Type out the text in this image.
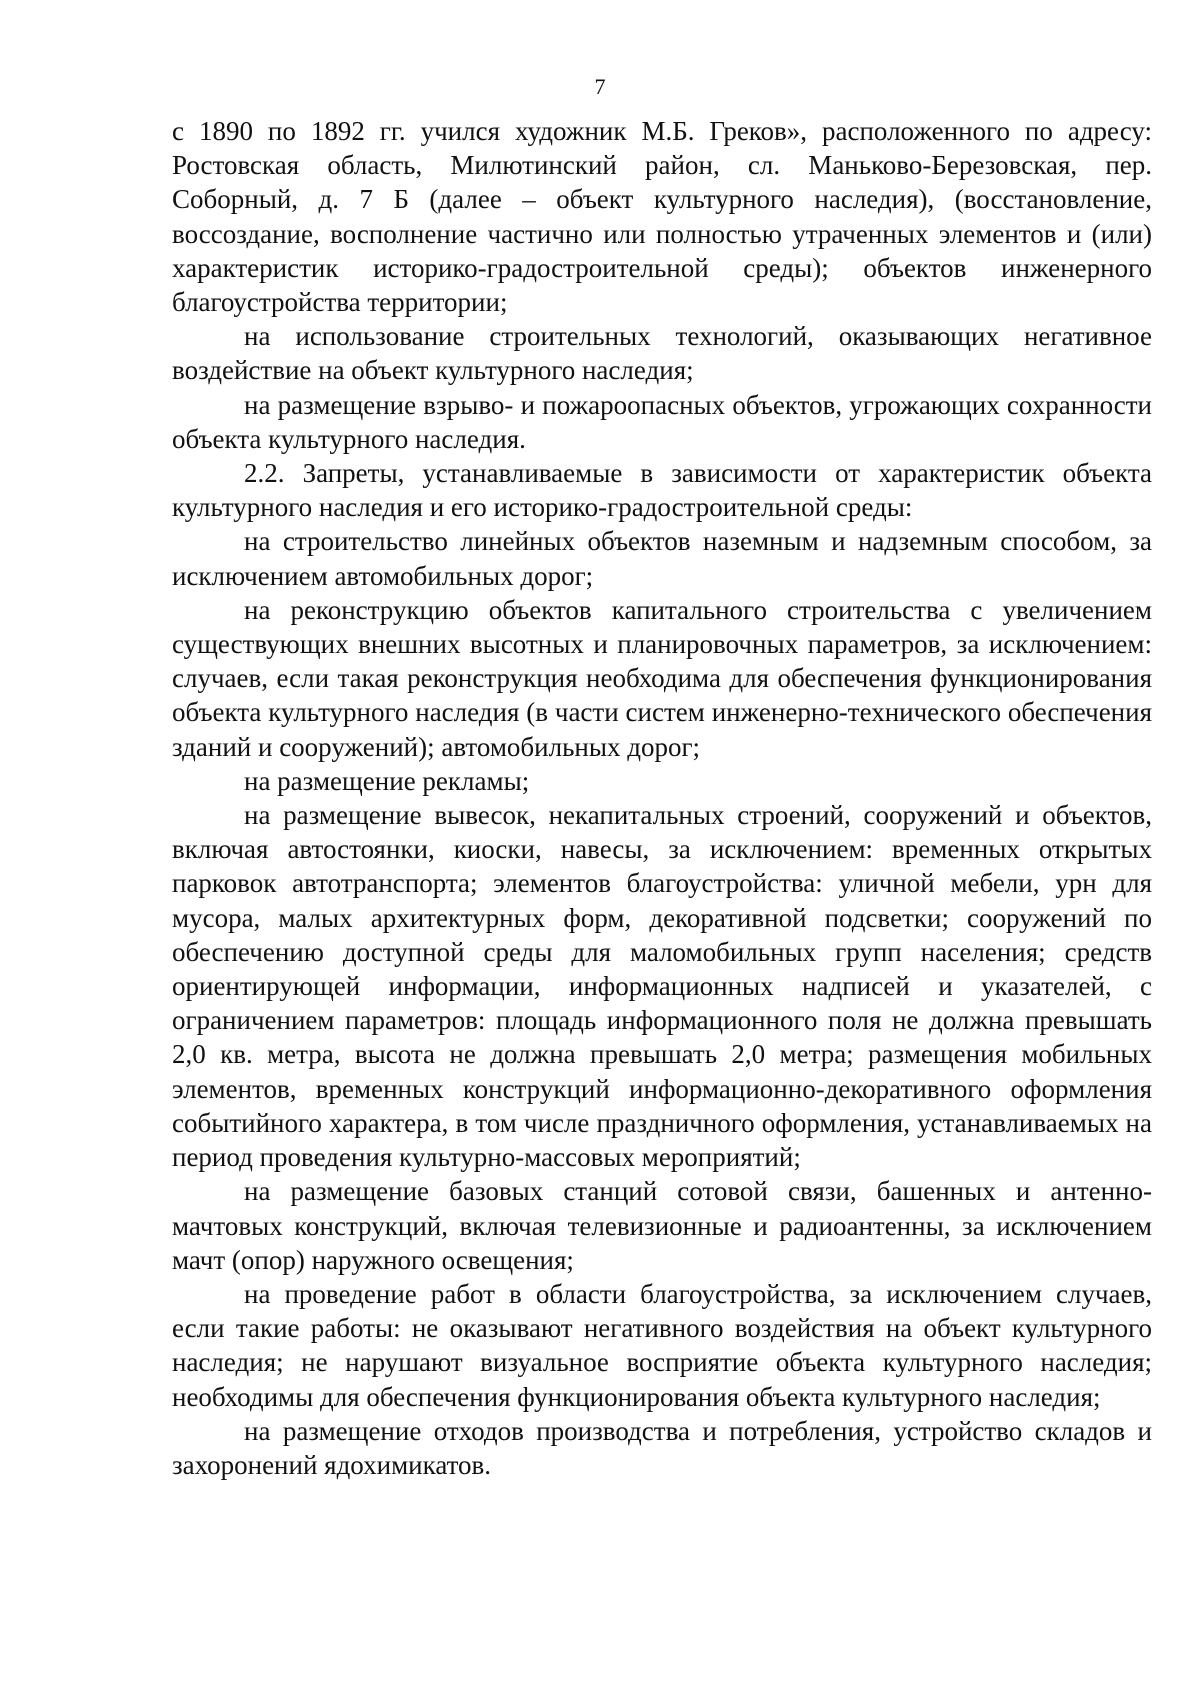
7

с 1890 по 1892 гг. учился художник М.Б. Греков», расположенного по адресу: Ростовская область, Милютинский район, сл. Маньково-Березовская, пер. Соборный, д. 7 Б (далее – объект культурного наследия), (восстановление, воссоздание, восполнение частично или полностью утраченных элементов и (или) характеристик историко-градостроительной среды); объектов инженерного благоустройства территории;

на использование строительных технологий, оказывающих негативное воздействие на объект культурного наследия;

на размещение взрыво- и пожароопасных объектов, угрожающих сохранности объекта культурного наследия.

2.2. Запреты, устанавливаемые в зависимости от характеристик объекта культурного наследия и его историко-градостроительной среды:

на строительство линейных объектов наземным и надземным способом, за исключением автомобильных дорог;

на реконструкцию объектов капитального строительства с увеличением существующих внешних высотных и планировочных параметров, за исключением: случаев, если такая реконструкция необходима для обеспечения функционирования объекта культурного наследия (в части систем инженерно-технического обеспечения зданий и сооружений); автомобильных дорог;

на размещение рекламы;

на размещение вывесок, некапитальных строений, сооружений и объектов, включая автостоянки, киоски, навесы, за исключением: временных открытых парковок автотранспорта; элементов благоустройства: уличной мебели, урн для мусора, малых архитектурных форм, декоративной подсветки; сооружений по обеспечению доступной среды для маломобильных групп населения; средств ориентирующей информации, информационных надписей и указателей, с ограничением параметров: площадь информационного поля не должна превышать 2,0 кв. метра, высота не должна превышать 2,0 метра; размещения мобильных элементов, временных конструкций информационно-декоративного оформления событийного характера, в том числе праздничного оформления, устанавливаемых на период проведения культурно-массовых мероприятий;

на размещение базовых станций сотовой связи, башенных и антенно-мачтовых конструкций, включая телевизионные и радиоантенны, за исключением мачт (опор) наружного освещения;

на проведение работ в области благоустройства, за исключением случаев, если такие работы: не оказывают негативного воздействия на объект культурного наследия; не нарушают визуальное восприятие объекта культурного наследия; необходимы для обеспечения функционирования объекта культурного наследия;

на размещение отходов производства и потребления, устройство складов и захоронений ядохимикатов.
